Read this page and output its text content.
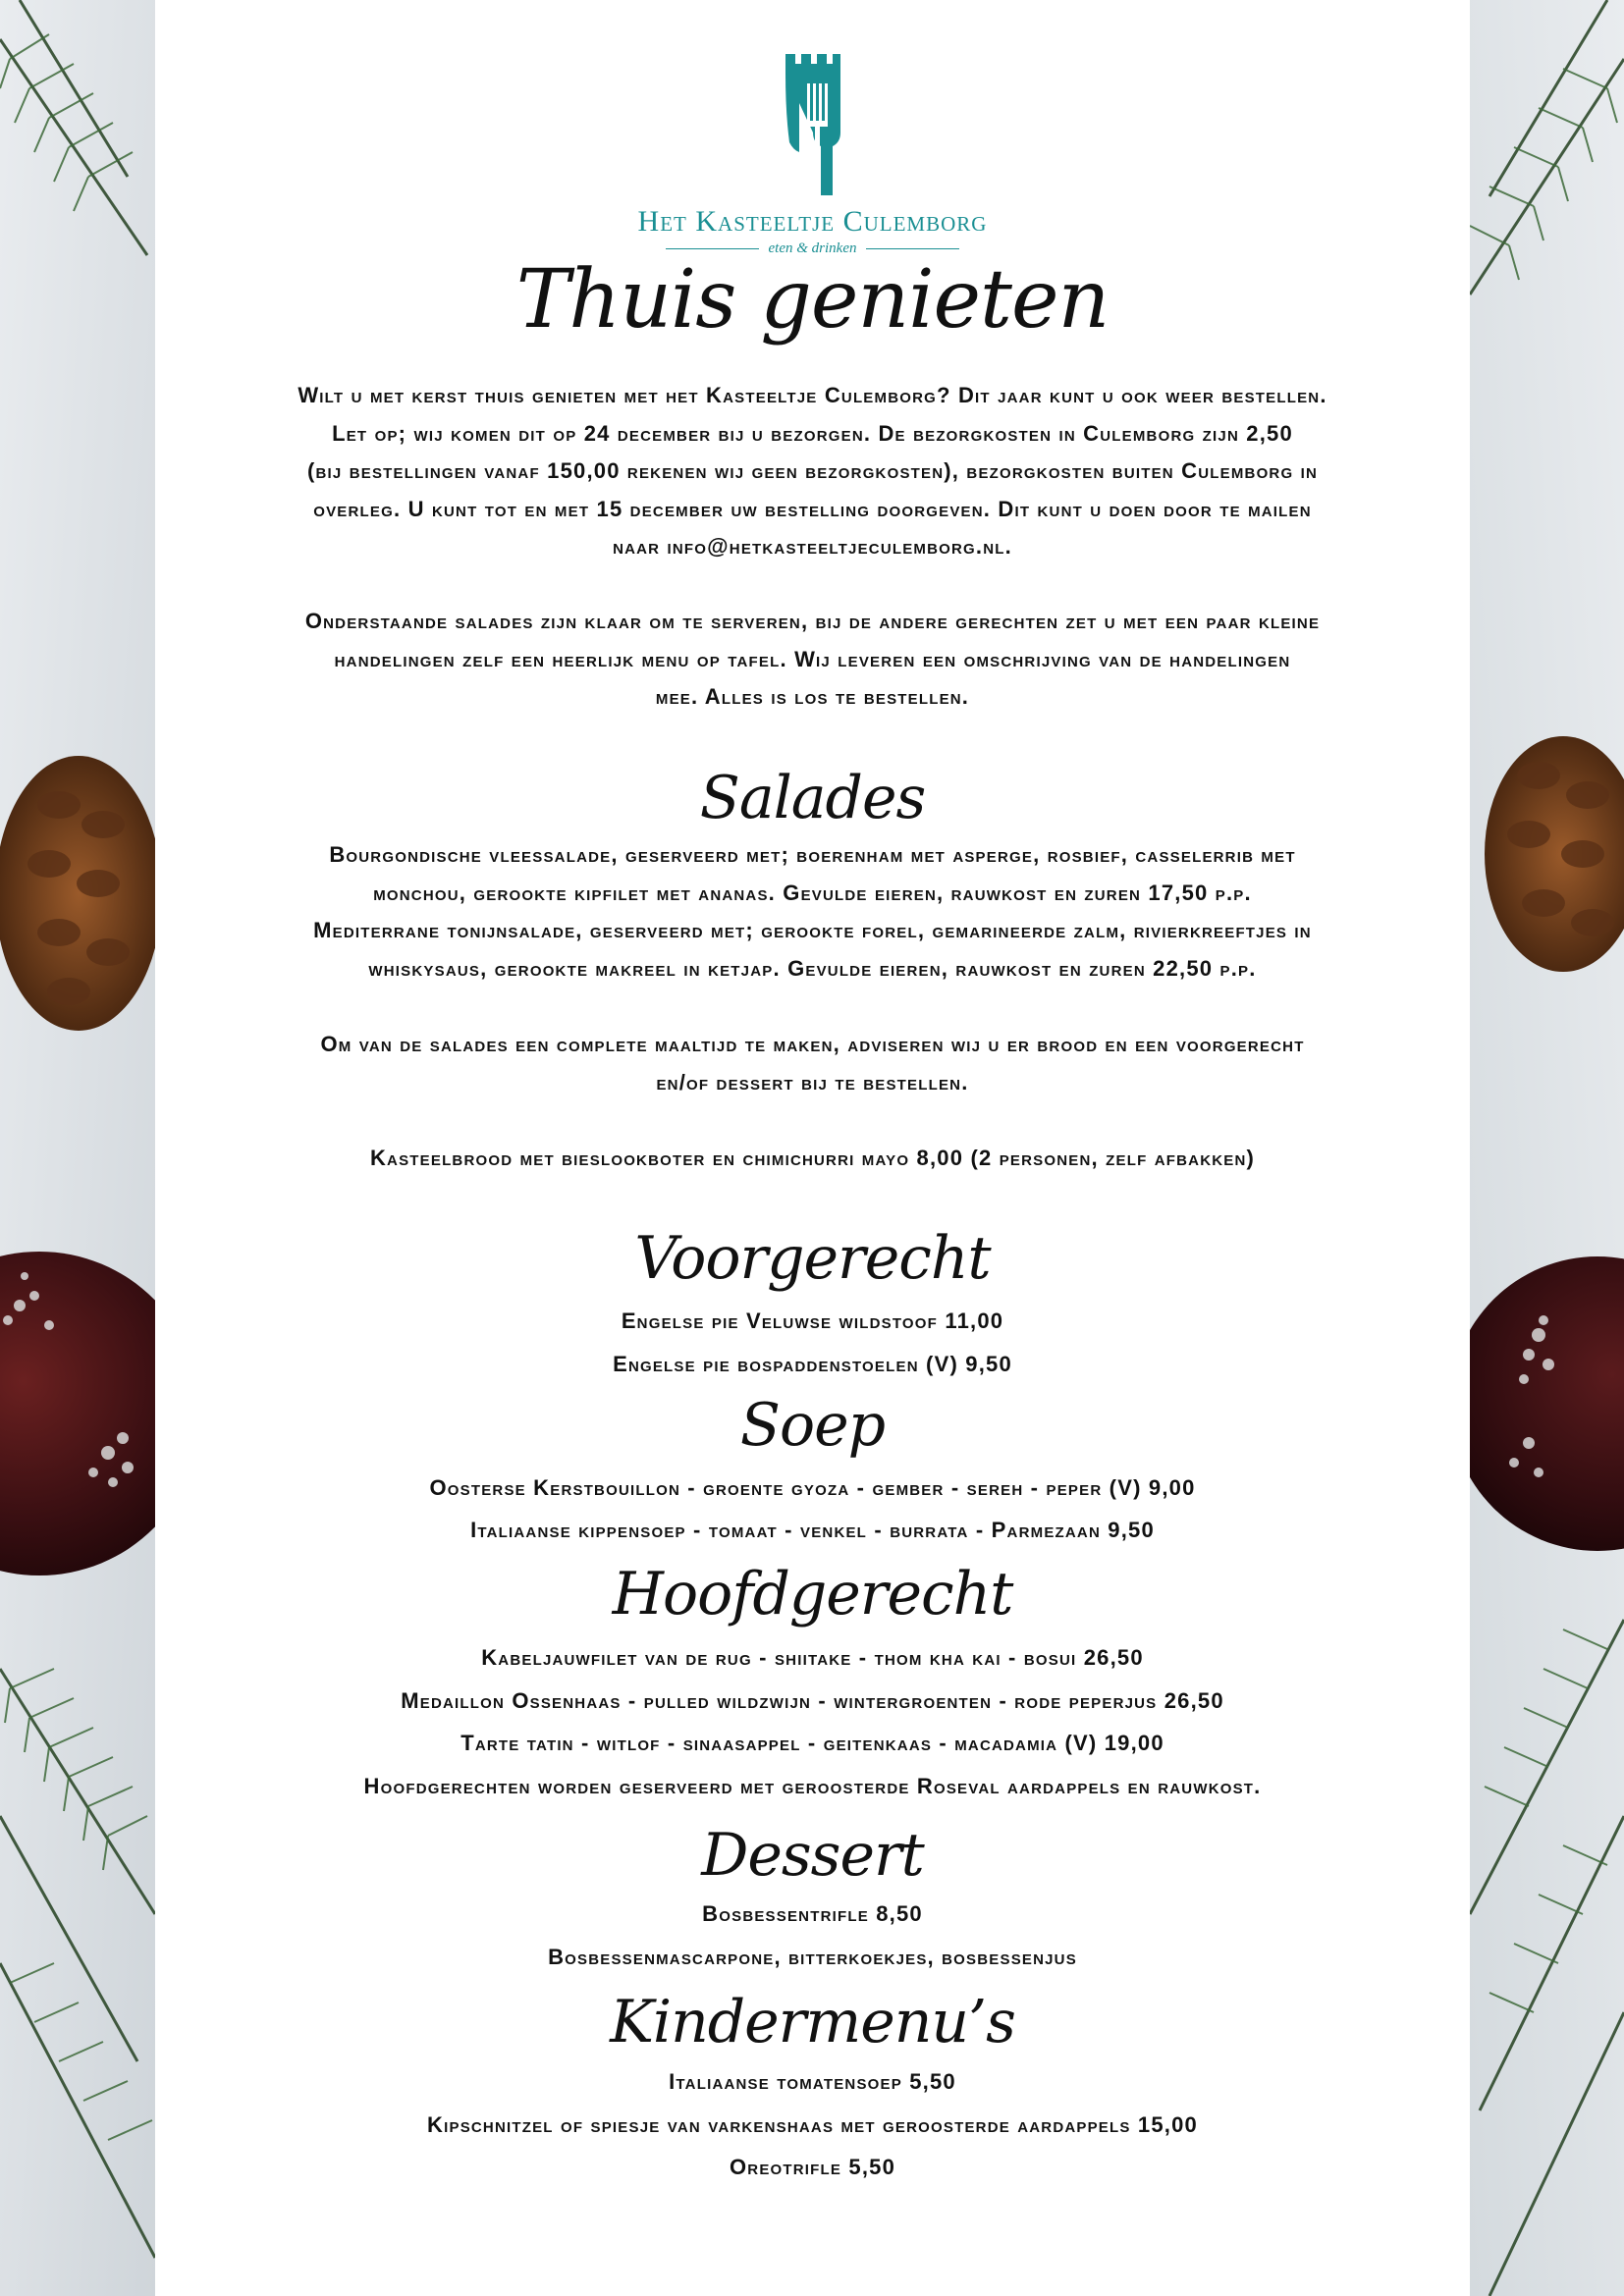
Het Kasteeltje Culemborg
eten & drinken
Thuis genieten

Wilt u met kerst thuis genieten met het Kasteeltje Culemborg? Dit jaar kunt u ook weer bestellen.

Let op; wij komen dit op 24 december bij u bezorgen. De bezorgkosten in Culemborg zijn 2,50

(bij bestellingen vanaf 150,00 rekenen wij geen bezorgkosten), bezorgkosten buiten Culemborg in

overleg. U kunt tot en met 15 december uw bestelling doorgeven. Dit kunt u doen door te mailen

naar info@hetkasteeltjeculemborg.nl.

Onderstaande salades zijn klaar om te serveren, bij de andere gerechten zet u met een paar kleine

handelingen zelf een heerlijk menu op tafel. Wij leveren een omschrijving van de handelingen

mee. Alles is los te bestellen.

Salades

Bourgondische vleessalade, geserveerd met; boerenham met asperge, rosbief, casselerrib met

monchou, gerookte kipfilet met ananas. Gevulde eieren, rauwkost en zuren 17,50 p.p.

Mediterrane tonijnsalade, geserveerd met; gerookte forel, gemarineerde zalm, rivierkreeftjes in

whiskysaus, gerookte makreel in ketjap. Gevulde eieren, rauwkost en zuren 22,50 p.p.

Om van de salades een complete maaltijd te maken, adviseren wij u er brood en een voorgerecht

en/of dessert bij te bestellen.

Kasteelbrood met bieslookboter en chimichurri mayo 8,00 (2 personen, zelf afbakken)

Voorgerecht

Engelse pie Veluwse wildstoof 11,00

Engelse pie bospaddenstoelen (V) 9,50

Soep

Oosterse Kerstbouillon - groente gyoza - gember - sereh - peper (V) 9,00

Italiaanse kippensoep - tomaat - venkel - burrata - Parmezaan 9,50

Hoofdgerecht

Kabeljauwfilet van de rug - shiitake - thom kha kai - bosui 26,50

Medaillon Ossenhaas - pulled wildzwijn - wintergroenten - rode peperjus 26,50

Tarte tatin - witlof - sinaasappel - geitenkaas - macadamia (V) 19,00

Hoofdgerechten worden geserveerd met geroosterde Roseval aardappels en rauwkost.

Dessert

Bosbessentrifle 8,50

Bosbessenmascarpone, bitterkoekjes, bosbessenjus

Kindermenu’s

Italiaanse tomatensoep 5,50

Kipschnitzel of spiesje van varkenshaas met geroosterde aardappels 15,00

Oreotrifle 5,50
